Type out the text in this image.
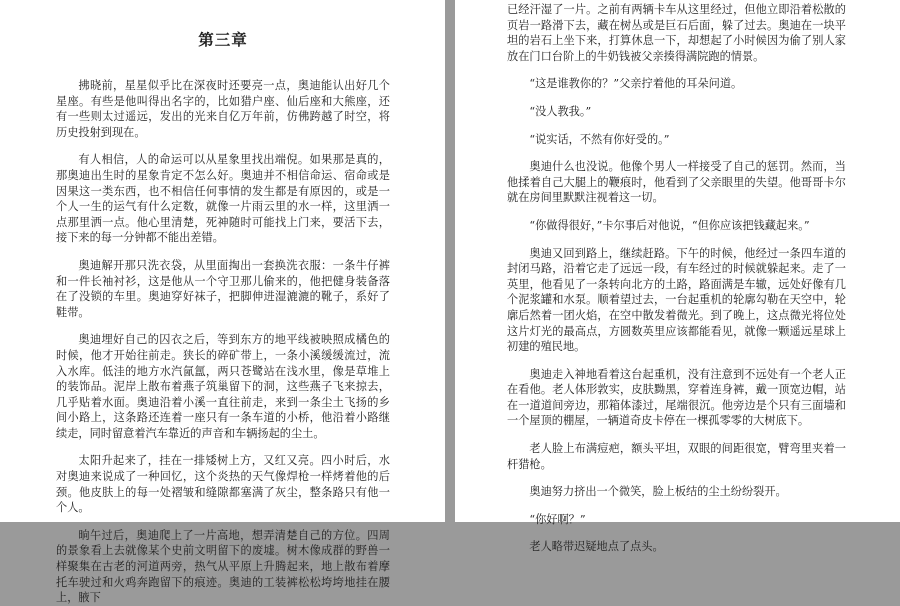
第三章

拂晓前，星星似乎比在深夜时还要亮一点，奥迪能认出好几个星座。有些是他叫得出名字的，比如猎户座、仙后座和大熊座，还有一些则太过遥远，发出的光来自亿万年前，仿佛跨越了时空，将历史投射到现在。

有人相信，人的命运可以从星象里找出端倪。如果那是真的，那奥迪出生时的星象肯定不怎么好。奥迪并不相信命运、宿命或是因果这一类东西，也不相信任何事情的发生都是有原因的，或是一个人一生的运气有什么定数，就像一片雨云里的水一样，这里洒一点那里洒一点。他心里清楚，死神随时可能找上门来，要活下去，接下来的每一分钟都不能出差错。

奥迪解开那只洗衣袋，从里面掏出一套换洗衣服：一条牛仔裤和一件长袖衬衫，这是他从一个守卫那儿偷来的，他把健身装备落在了没锁的车里。奥迪穿好袜子，把脚伸进湿漉漉的靴子，系好了鞋带。

奥迪埋好自己的囚衣之后，等到东方的地平线被映照成橘色的时候，他才开始往前走。狭长的碎矿带上，一条小溪缓缓流过，流入水库。低洼的地方水汽氤氲，两只苍鹭站在浅水里，像是草堆上的装饰品。泥岸上散布着燕子筑巢留下的洞，这些燕子飞来掠去，几乎贴着水面。奥迪沿着小溪一直往前走，来到一条尘土飞扬的乡间小路上，这条路还连着一座只有一条车道的小桥，他沿着小路继续走，同时留意着汽车靠近的声音和车辆扬起的尘土。

太阳升起来了，挂在一排矮树上方，又红又亮。四小时后，水对奥迪来说成了一种回忆，这个炎热的天气像焊枪一样烤着他的后颈。他皮肤上的每一处褶皱和缝隙都塞满了灰尘，整条路只有他一个人。

晌午过后，奥迪爬上了一片高地，想弄清楚自己的方位。四周的景象看上去就像某个史前文明留下的废墟。树木像成群的野兽一样聚集在古老的河道两旁，热气从平原上升腾起来，地上散布着摩托车驶过和火鸡奔跑留下的痕迹。奥迪的工装裤松松垮垮地挂在腰上，腋下

已经汗湿了一片。之前有两辆卡车从这里经过，但他立即沿着松散的页岩一路滑下去，藏在树丛或是巨石后面，躲了过去。奥迪在一块平坦的岩石上坐下来，打算休息一下，却想起了小时候因为偷了别人家放在门口台阶上的牛奶钱被父亲揍得满院跑的情景。

“这是谁教你的？”父亲拧着他的耳朵问道。

“没人教我。”

“说实话，不然有你好受的。”

奥迪什么也没说。他像个男人一样接受了自己的惩罚。然而，当他揉着自己大腿上的鞭痕时，他看到了父亲眼里的失望。他哥哥卡尔就在房间里默默注视着这一切。

“你做得很好，”卡尔事后对他说，“但你应该把钱藏起来。”

奥迪又回到路上，继续赶路。下午的时候，他经过一条四车道的封闭马路，沿着它走了远远一段，有车经过的时候就躲起来。走了一英里，他看见了一条转向北方的土路，路面满是车辙，远处好像有几个泥浆罐和水泵。顺着望过去，一台起重机的轮廓勾勒在天空中，轮廓后然着一团火焰，在空中散发着微光。到了晚上，这点微光将位处这片灯光的最高点，方圆数英里应该都能看见，就像一颗遥远星球上初建的殖民地。

奥迪走入神地看着这台起重机，没有注意到不远处有一个老人正在看他。老人体形敦实，皮肤黝黑，穿着连身裤，戴一顶宽边帽，站在一道道间旁边，那箱体漆过，尾端很沉。他旁边是个只有三面墙和一个屋顶的棚屋，一辆道奇皮卡停在一棵孤零零的大树底下。

老人脸上布满痘疤，额头平坦，双眼的间距很宽，臂弯里夹着一杆猎枪。

奥迪努力挤出一个微笑，脸上板结的尘土纷纷裂开。

“你好啊？”

老人略带迟疑地点了点头。
